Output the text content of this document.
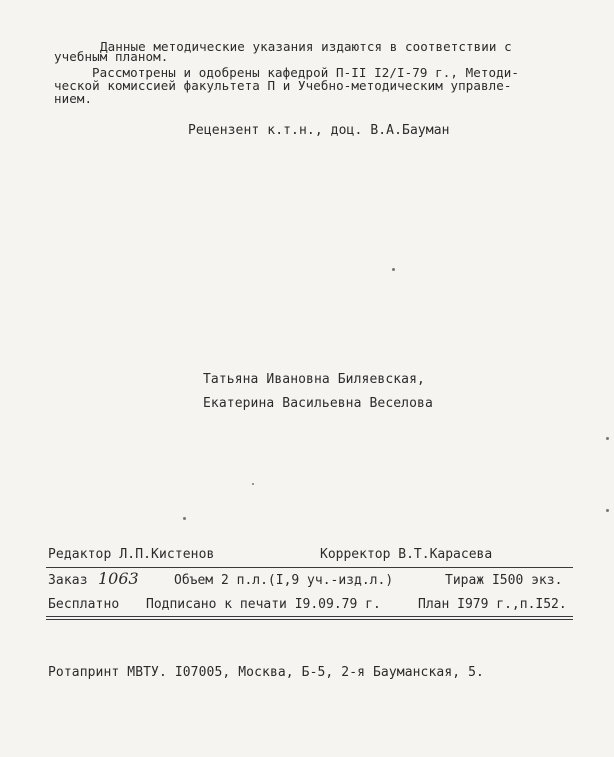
Данные методические указания издаются в соответствии с
учебным планом.
Рассмотрены и одобрены кафедрой П-II I2/I-79 г., Методи-
ческой комиссией факультета П и Учебно-методическим управле-
нием.
Рецензент к.т.н., доц. В.А.Бауман
Татьяна Ивановна Биляевская,
Екатерина Васильевна Веселова
Редактор Л.П.Кистенов	Корректор В.Т.Карасева
Заказ 1063	Объем 2 п.л.(I,9 уч.-изд.л.)	Тираж I500 экз.
Бесплатно Подписано к печати I9.09.79 г.	План I979 г.,п.I52.
Ротапринт МВТУ. I07005, Москва, Б-5, 2-я Бауманская, 5.
